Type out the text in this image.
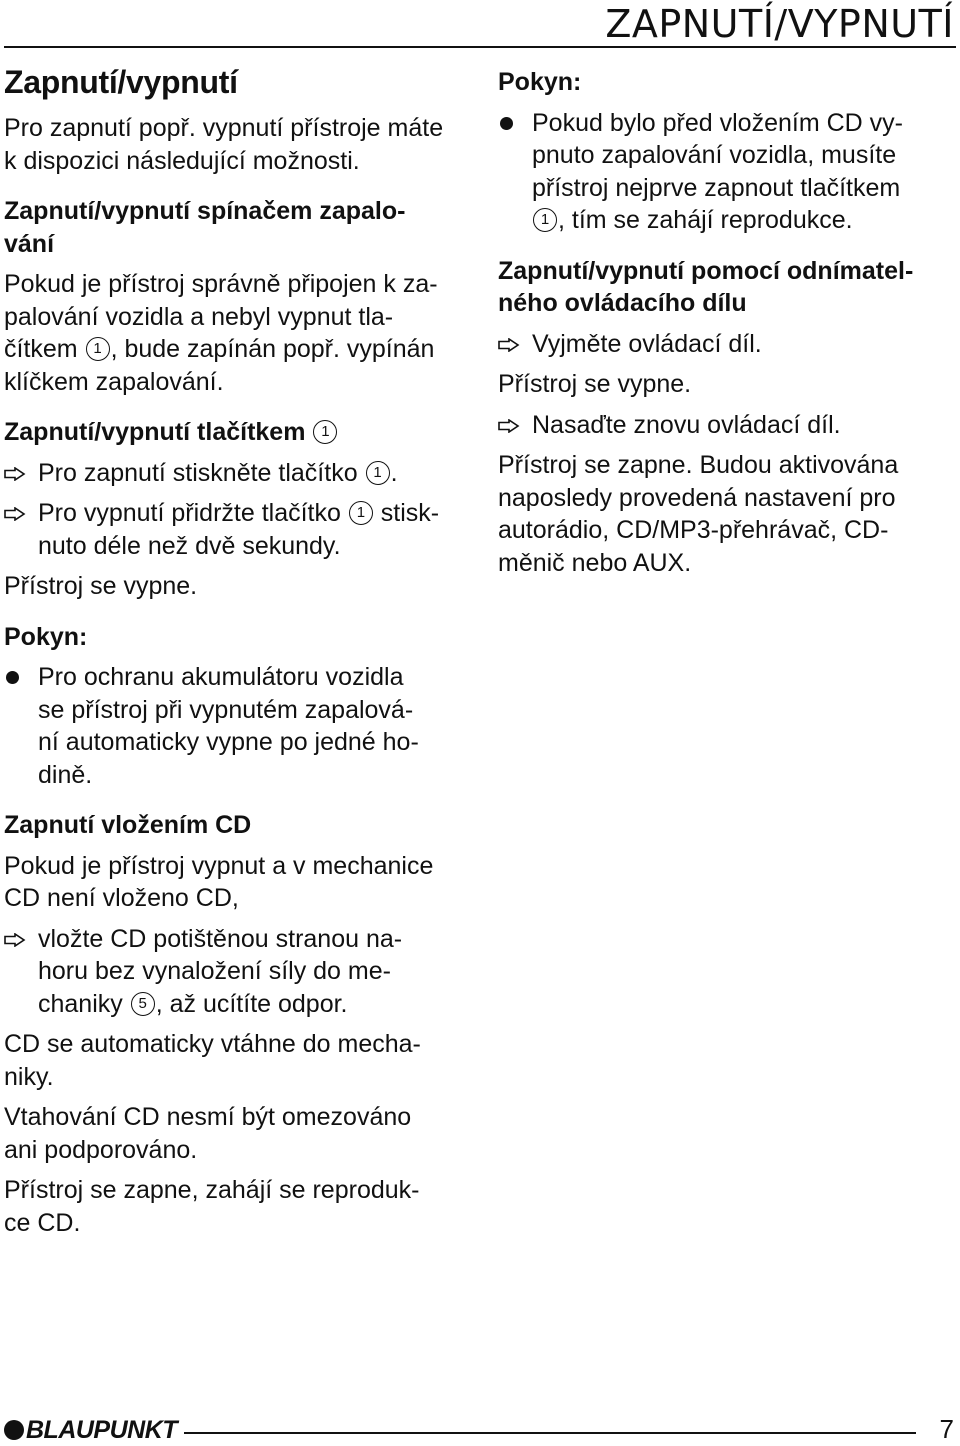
ZAPNUTÍ/VYPNUTÍ
Zapnutí/vypnutí

Pro zapnutí popř. vypnutí přístroje máte
k dispozici následující možnosti.

Zapnutí/vypnutí spínačem zapalo-
vání

Pokud je přístroj správně připojen k za-
palování vozidla a nebyl vypnut tla-
čítkem 1 , bude zapínán popř. vypínán
klíčkem zapalování.

Zapnutí/vypnutí tlačítkem 1
Pro zapnutí stiskněte tlačítko 1 .
Pro vypnutí přidržte tlačítko 1 stisk-
nuto déle než dvě sekundy.

Přístroj se vypne.

Pokyn:
Pro ochranu akumulátoru vozidla
se přístroj při vypnutém zapalová-
ní automaticky vypne po jedné ho-
dině.
Zapnutí vložením CD

Pokud je přístroj vypnut a v mechanice
CD není vloženo CD,

vložte CD potištěnou stranou na-
horu bez vynaložení síly do me-
chaniky 5 , až ucítíte odpor.

CD se automaticky vtáhne do mecha-
niky.

Vtahování CD nesmí být omezováno
ani podporováno.

Přístroj se zapne, zahájí se reproduk-
ce CD.

Pokyn:
Pokud bylo před vložením CD vy-
pnuto zapalování vozidla, musíte
přístroj nejprve zapnout tlačítkem
1 , tím se zahájí reprodukce.
Zapnutí/vypnutí pomocí odnímatel-
ného ovládacího dílu
Vyjměte ovládací díl.

Přístroj se vypne.

Nasaďte znovu ovládací díl.

Přístroj se zapne. Budou aktivována
naposledy provedená nastavení pro
autorádio, CD/MP3-přehrávač, CD-
měnič nebo AUX.

BLAUPUNKT	7
